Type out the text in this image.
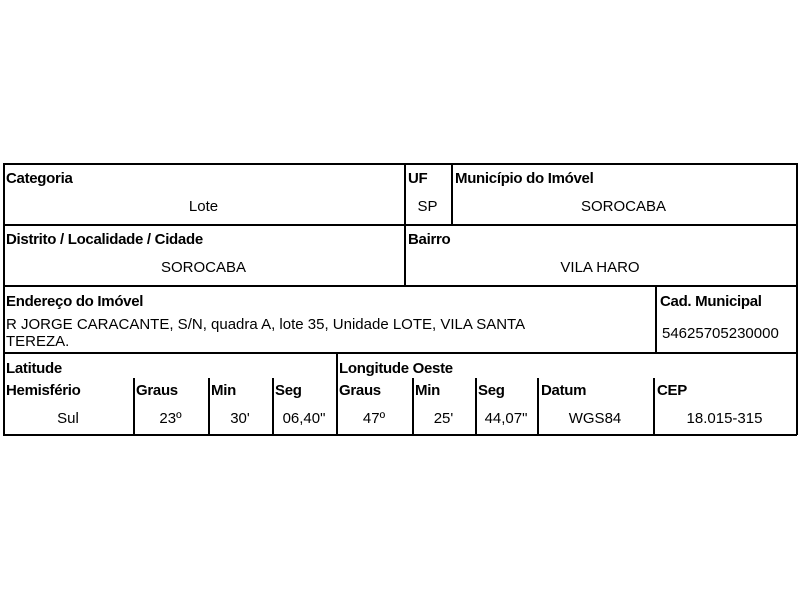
Categoria
Lote
UF
SP
Município do Imóvel
SOROCABA
Distrito / Localidade / Cidade
SOROCABA
Bairro
VILA HARO
Endereço do Imóvel
R JORGE CARACANTE, S/N, quadra A, lote 35, Unidade LOTE, VILA SANTA
TEREZA.
Cad. Municipal
54625705230000
Latitude
Hemisfério
Sul
Graus
23º
Min
30'
Seg
06,40"
Longitude Oeste
Graus
47º
Min
25'
Seg
44,07"
Datum
WGS84
CEP
18.015-315
